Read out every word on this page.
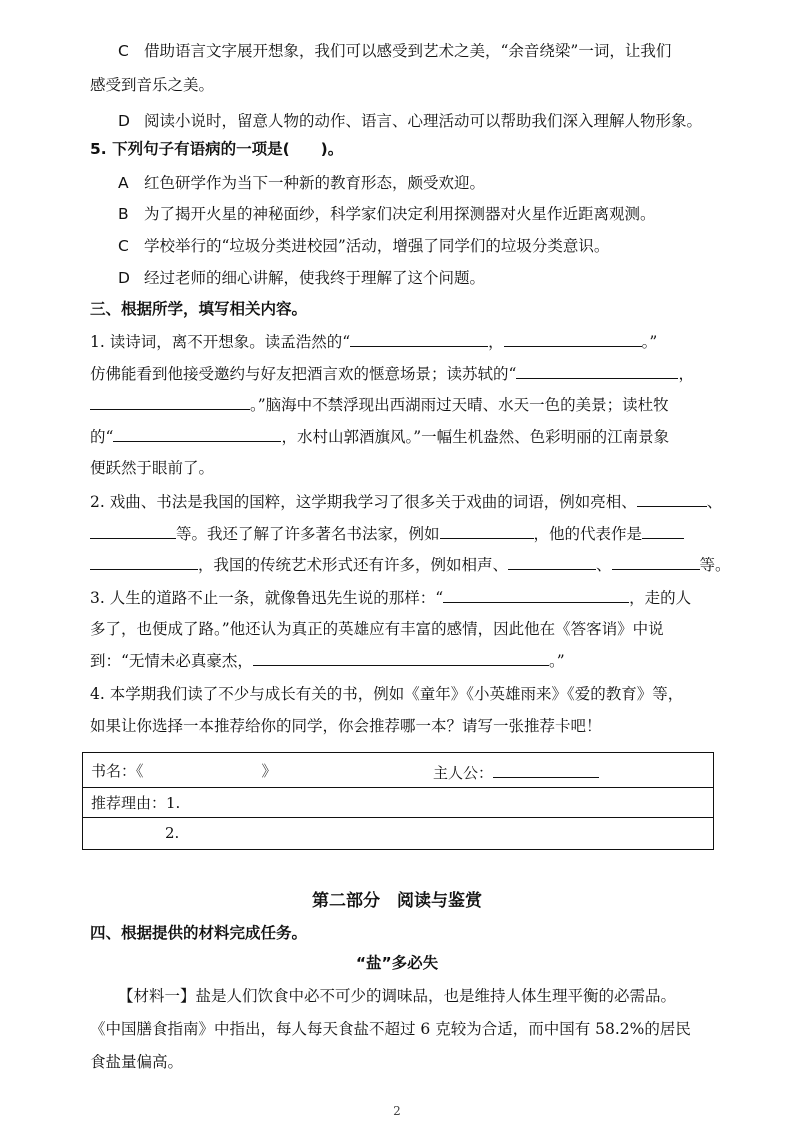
C 借助语言文字展开想象，我们可以感受到艺术之美，“余音绕梁”一词，让我们
感受到音乐之美。
D 阅读小说时，留意人物的动作、语言、心理活动可以帮助我们深入理解人物形象。
5. 下列句子有语病的一项是(　　)。
A 红色研学作为当下一种新的教育形态，颇受欢迎。
B 为了揭开火星的神秘面纱，科学家们决定利用探测器对火星作近距离观测。
C 学校举行的“垃圾分类进校园”活动，增强了同学们的垃圾分类意识。
D 经过老师的细心讲解，使我终于理解了这个问题。
三、根据所学，填写相关内容。
1. 读诗词，离不开想象。读孟浩然的“	，	。”
仿佛能看到他接受邀约与好友把酒言欢的惬意场景；读苏轼的“	，
。”脑海中不禁浮现出西湖雨过天晴、水天一色的美景；读杜牧
的“	，水村山郭酒旗风。”一幅生机盎然、色彩明丽的江南景象
便跃然于眼前了。
2. 戏曲、书法是我国的国粹，这学期我学习了很多关于戏曲的词语，例如亮相、	、
等。我还了解了许多著名书法家，例如	，他的代表作是
，我国的传统艺术形式还有许多，例如相声、	、	等。
3. 人生的道路不止一条，就像鲁迅先生说的那样：“	，走的人
多了，也便成了路。”他还认为真正的英雄应有丰富的感情，因此他在《答客诮》中说
到：“无情未必真豪杰，	。”
4. 本学期我们读了不少与成长有关的书，例如《童年》《小英雄雨来》《爱的教育》等，
如果让你选择一本推荐给你的同学，你会推荐哪一本？请写一张推荐卡吧！
书名：《	》	主人公：
推荐理由：1.
2.
第二部分　阅读与鉴赏
四、根据提供的材料完成任务。
“盐”多必失
【材料一】盐是人们饮食中必不可少的调味品，也是维持人体生理平衡的必需品。
《中国膳食指南》中指出，每人每天食盐不超过 6 克较为合适，而中国有 58.2%的居民
食盐量偏高。
2
